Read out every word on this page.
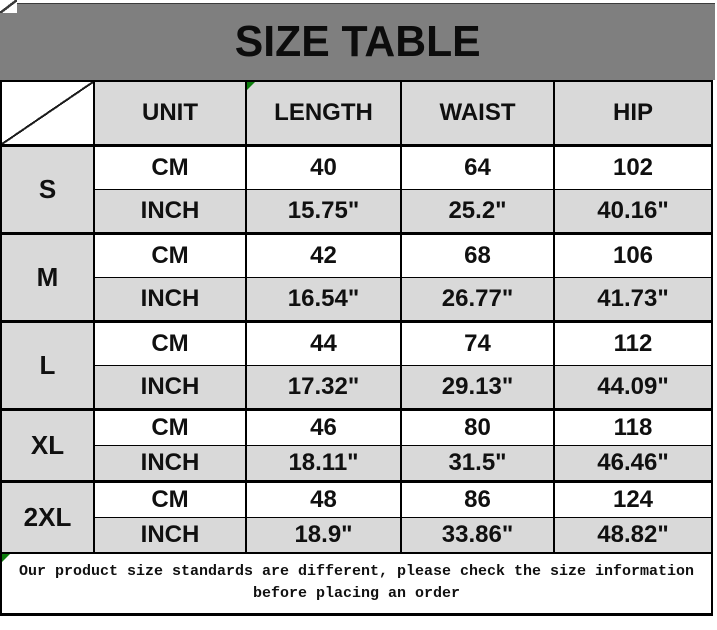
SIZE TABLE
	UNIT	LENGTH	WAIST	HIP
S	CM	40	64	102
	INCH	15.75"	25.2"	40.16"
M	CM	42	68	106
	INCH	16.54"	26.77"	41.73"
L	CM	44	74	112
	INCH	17.32"	29.13"	44.09"
XL	CM	46	80	118
	INCH	18.11"	31.5"	46.46"
2XL	CM	48	86	124
	INCH	18.9"	33.86"	48.82"
Our product size standards are different, please check the size information
before placing an order
